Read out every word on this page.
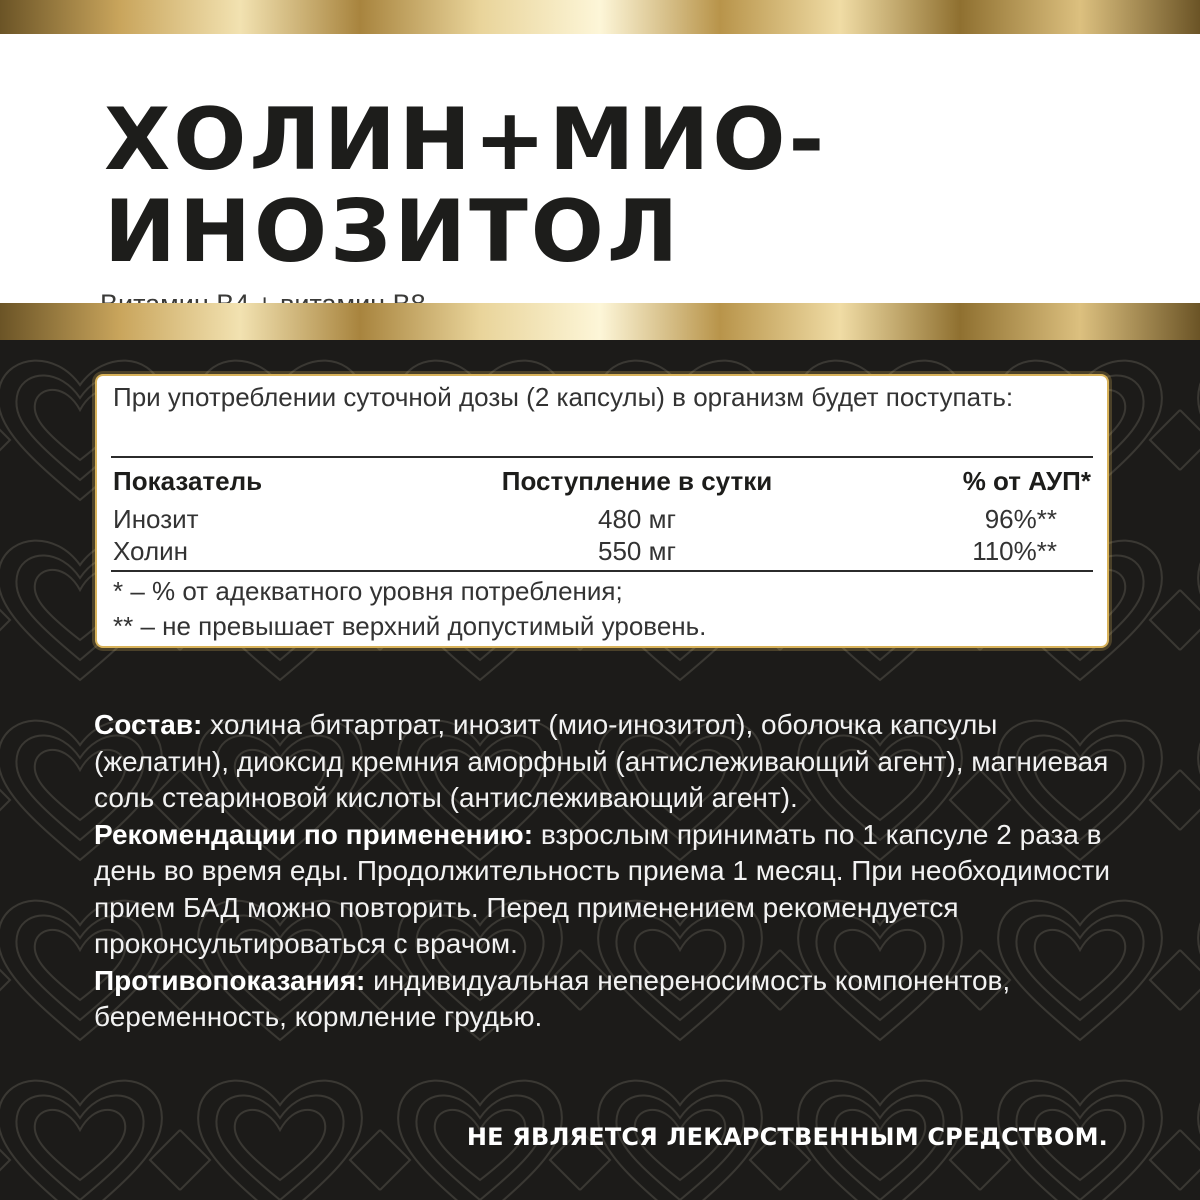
ХОЛИН+МИО-
ИНОЗИТОЛ
При употреблении суточной дозы (2 капсулы) в организм будет поступать:
Показатель	Поступление в сутки	% от АУП*
Инозит	480 мг	96%**
Холин	550 мг	110%**
* – % от адекватного уровня потребления;
** – не превышает верхний допустимый уровень.

Состав: холина битартрат, инозит (мио-инозитол), оболочка капсулы (желатин), диоксид кремния аморфный (антислеживающий агент), магниевая соль стеариновой кислоты (антислеживающий агент).

Рекомендации по применению: взрослым принимать по 1 капсуле 2 раза в день во время еды. Продолжительность приема 1 месяц. При необходимости прием БАД можно повторить. Перед применением рекомендуется проконсультироваться с врачом.

Противопоказания: индивидуальная непереносимость компонентов, беременность, кормление грудью.

НЕ ЯВЛЯЕТСЯ ЛЕКАРСТВЕННЫМ СРЕДСТВОМ.
